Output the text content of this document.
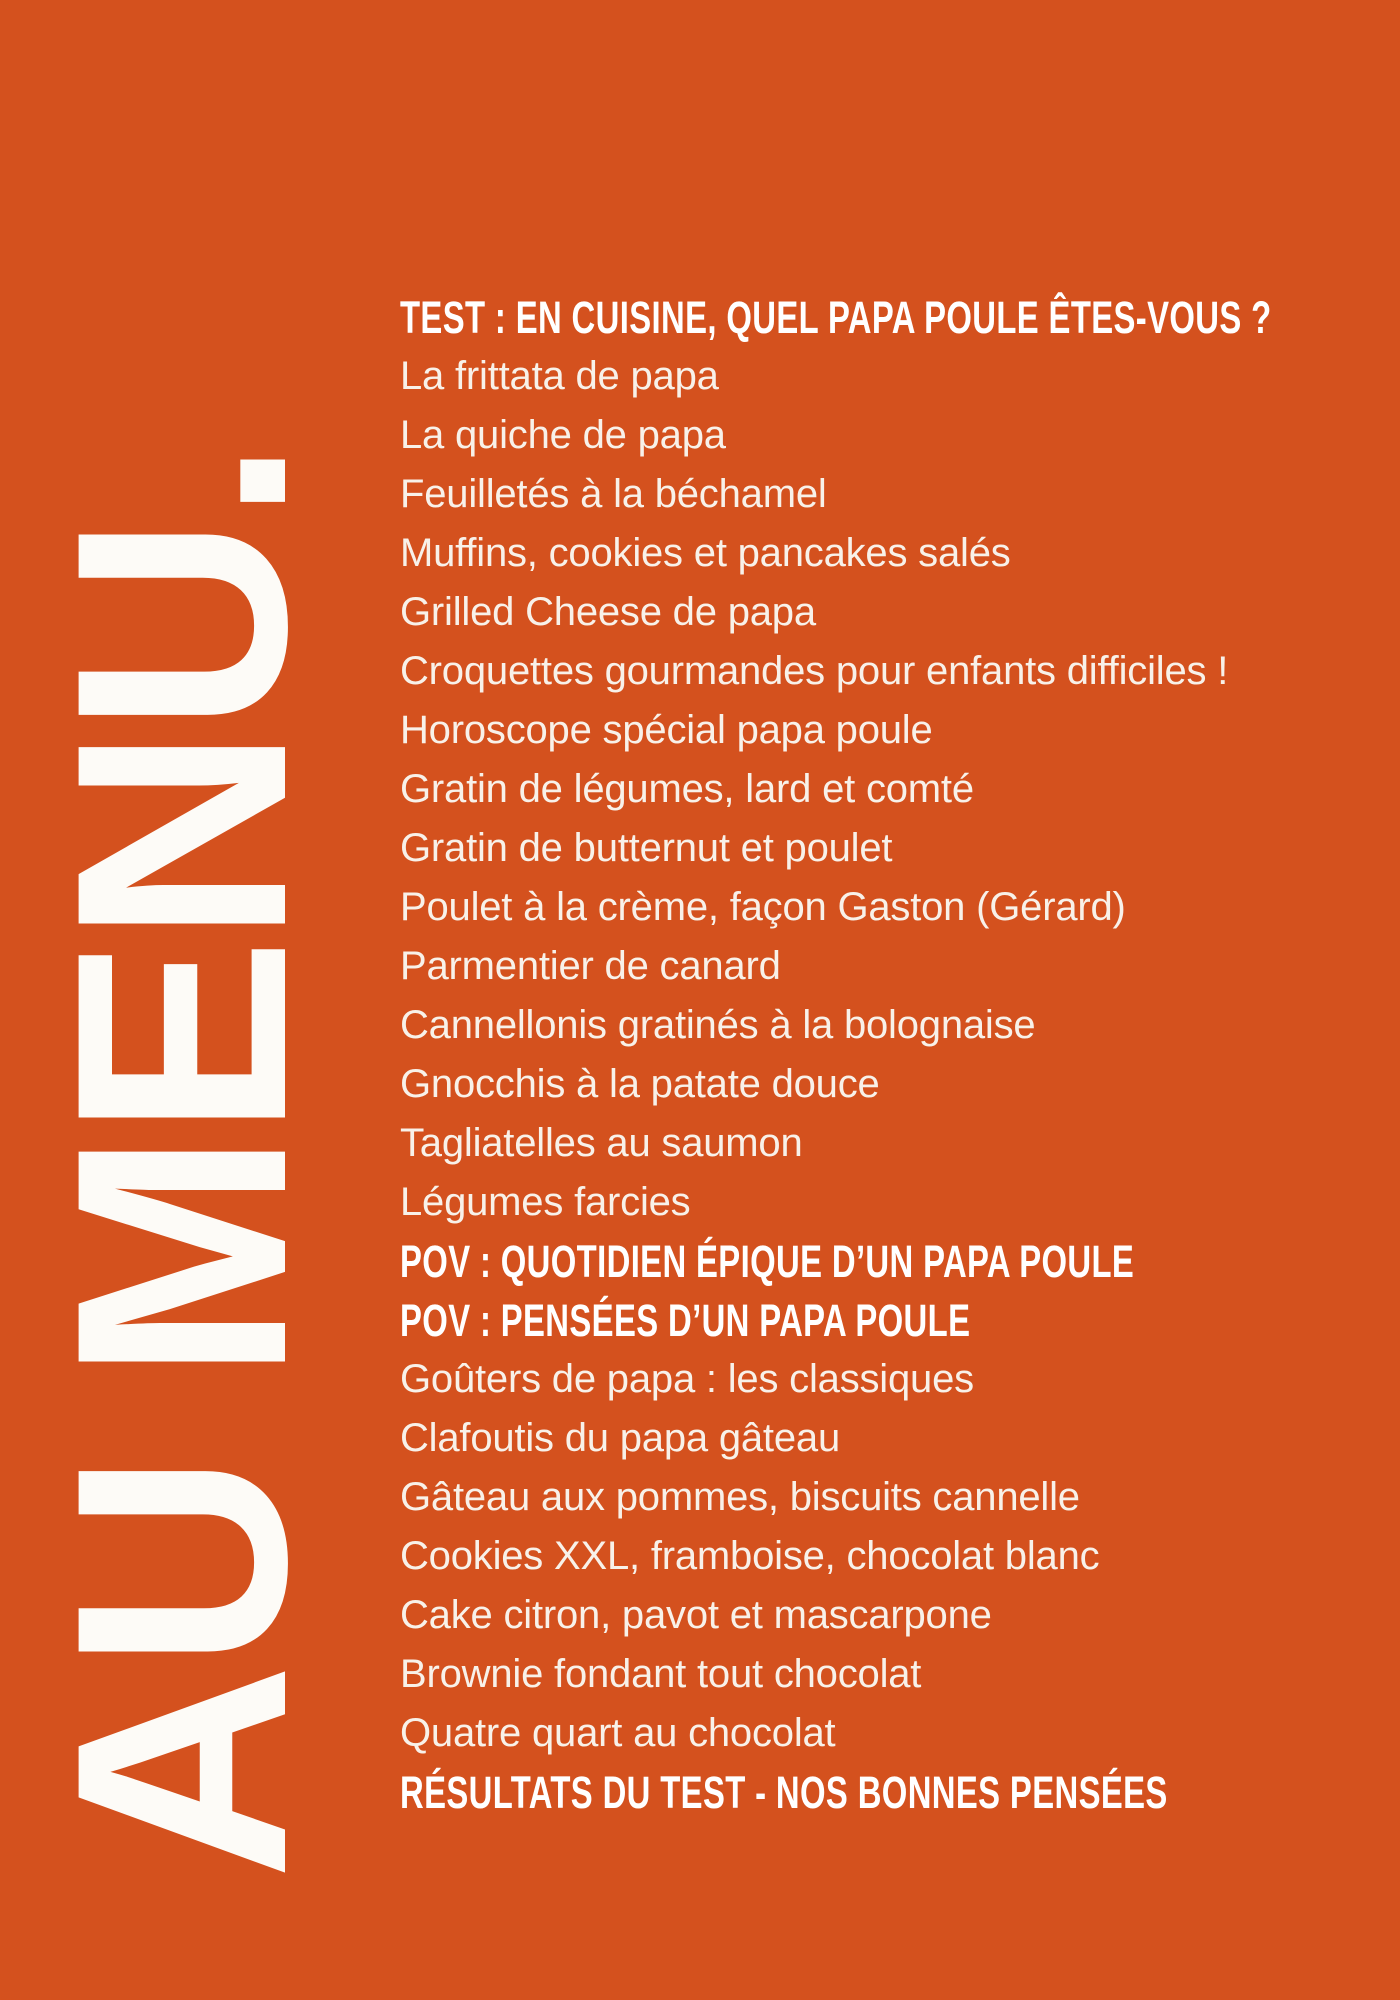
AU MENU.
TEST : EN CUISINE, QUEL PAPA POULE ÊTES-VOUS ?
La frittata de papa
La quiche de papa
Feuilletés à la béchamel
Muffins, cookies et pancakes salés
Grilled Cheese de papa
Croquettes gourmandes pour enfants difficiles !
Horoscope spécial papa poule
Gratin de légumes, lard et comté
Gratin de butternut et poulet
Poulet à la crème, façon Gaston (Gérard)
Parmentier de canard
Cannellonis gratinés à la bolognaise
Gnocchis à la patate douce
Tagliatelles au saumon
Légumes farcies
POV : QUOTIDIEN ÉPIQUE D’UN PAPA POULE
POV : PENSÉES D’UN PAPA POULE
Goûters de papa : les classiques
Clafoutis du papa gâteau
Gâteau aux pommes, biscuits cannelle
Cookies XXL, framboise, chocolat blanc
Cake citron, pavot et mascarpone
Brownie fondant tout chocolat
Quatre quart au chocolat
RÉSULTATS DU TEST - NOS BONNES PENSÉES
